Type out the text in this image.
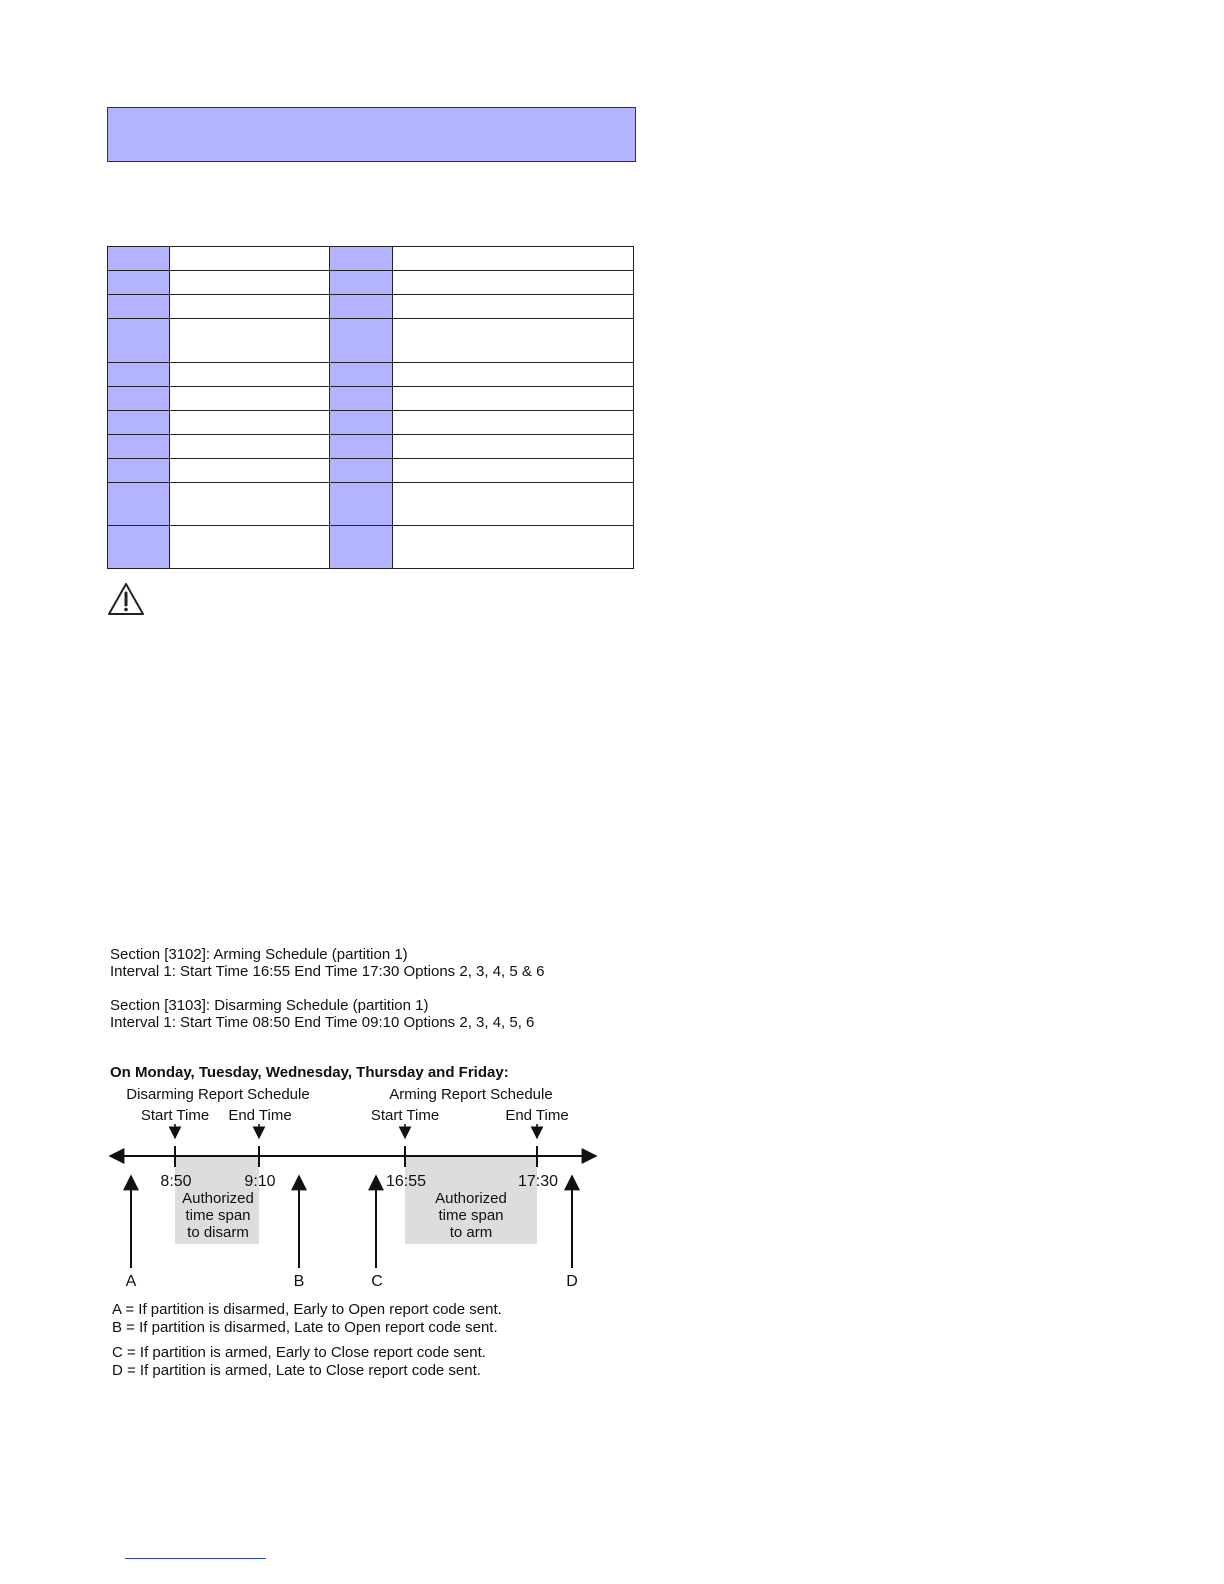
Section [3102]: Arming Schedule (partition 1)
Interval 1: Start Time 16:55 End Time 17:30 Options 2, 3, 4, 5 & 6
Section [3103]: Disarming Schedule (partition 1)
Interval 1: Start Time 08:50 End Time 09:10 Options 2, 3, 4, 5, 6
On Monday, Tuesday, Wednesday, Thursday and Friday:
Disarming Report Schedule	Arming Report Schedule
Start Time End Time	Start Time	End Time
8:50	9:10	16:55	17:30
Authorized
time span
to disarm
Authorized
time span
to arm
A	B	C	D
A = If partition is disarmed, Early to Open report code sent.
B = If partition is disarmed, Late to Open report code sent.
C = If partition is armed, Early to Close report code sent.
D = If partition is armed, Late to Close report code sent.
